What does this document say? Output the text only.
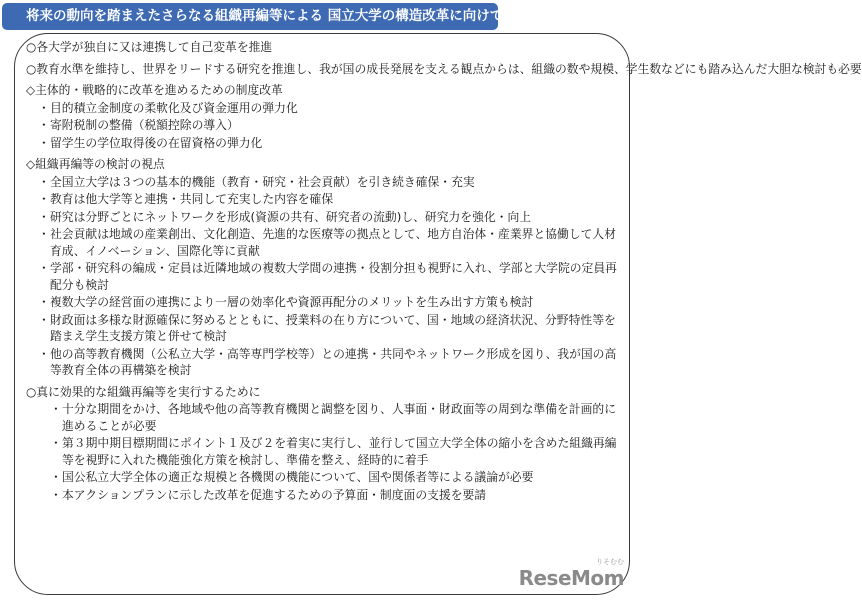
将来の動向を踏まえたさらなる組織再編等による 国立大学の構造改革に向けて
○各大学が独自に又は連携して自己変革を推進
○教育水準を維持し、世界をリードする研究を推進し、我が国の成長発展を支える観点からは、組織の数や規模、学生数などにも踏み込んだ大胆な検討も必要
◇主体的・戦略的に改革を進めるための制度改革
・ 目的積立金制度の柔軟化及び資金運用の弾力化
・ 寄附税制の整備（税額控除の導入）
・ 留学生の学位取得後の在留資格の弾力化
◇組織再編等の検討の視点
・ 全国立大学は３つの基本的機能（教育・研究・社会貢献）を引き続き確保・充実
・ 教育は他大学等と連携・共同して充実した内容を確保
・ 研究は分野ごとにネットワークを形成(資源の共有、研究者の流動)し、研究力を強化・向上
・ 社会貢献は地域の産業創出、文化創造、先進的な医療等の拠点として、地方自治体・産業界と協働して人材育成、イノベーション、国際化等に貢献
・ 学部・研究科の編成・定員は近隣地域の複数大学間の連携・役割分担も視野に入れ、学部と大学院の定員再配分も検討
・ 複数大学の経営面の連携により一層の効率化や資源再配分のメリットを生み出す方策も検討
・ 財政面は多様な財源確保に努めるとともに、授業料の在り方について、国・地域の経済状況、分野特性等を踏まえ学生支援方策と併せて検討
・ 他の高等教育機関（公私立大学・高等専門学校等）との連携・共同やネットワーク形成を図り、我が国の高等教育全体の再構築を検討
○真に効果的な組織再編等を実行するために
・ 十分な期間をかけ、各地域や他の高等教育機関と調整を図り、人事面・財政面等の周到な準備を計画的に進めることが必要
・ 第３期中期目標期間にポイント１及び２を着実に実行し、並行して国立大学全体の縮小を含めた組織再編等を視野に入れた機能強化方策を検討し、準備を整え、経時的に着手
・ 国公私立大学全体の適正な規模と各機関の機能について、国や関係者等による議論が必要
・ 本アクションプランに示した改革を促進するための予算面・制度面の支援を要請
りそむむ
ReseMom
